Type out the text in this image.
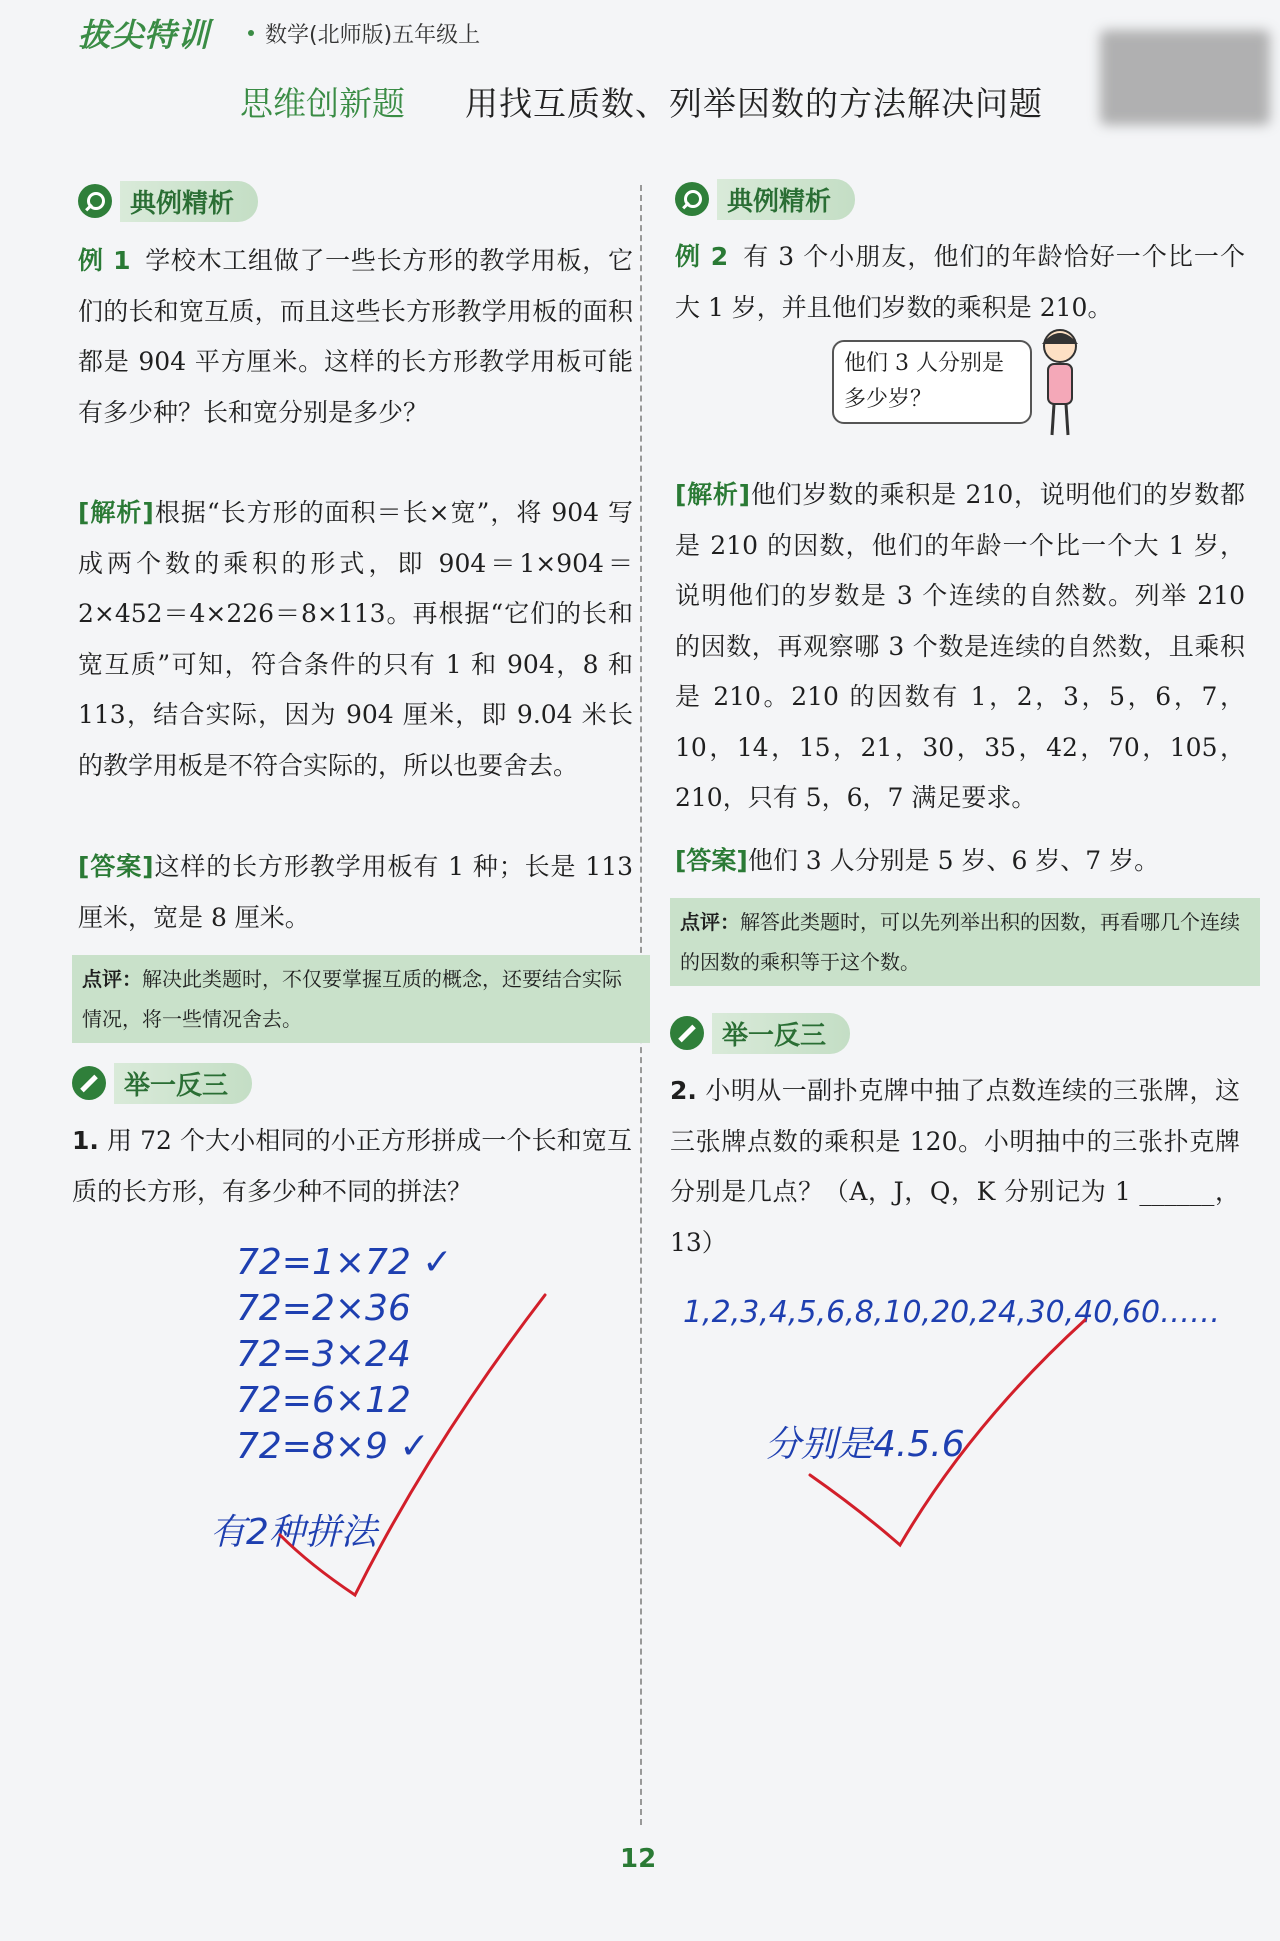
拔尖特训 数学(北师版)五年级上
思维创新题 用找互质数、列举因数的方法解决问题
典例精析
例 1 学校木工组做了一些长方形的教学用板，它们的长和宽互质，而且这些长方形教学用板的面积都是 904 平方厘米。这样的长方形教学用板可能有多少种？长和宽分别是多少？
[解析]根据“长方形的面积＝长×宽”，将 904 写成两个数的乘积的形式，即 904＝1×904＝2×452＝4×226＝8×113。再根据“它们的长和宽互质”可知，符合条件的只有 1 和 904，8 和 113，结合实际，因为 904 厘米，即 9.04 米长的教学用板是不符合实际的，所以也要舍去。
[答案]这样的长方形教学用板有 1 种；长是 113 厘米，宽是 8 厘米。
点评：解决此类题时，不仅要掌握互质的概念，还要结合实际情况，将一些情况舍去。
举一反三
1. 用 72 个大小相同的小正方形拼成一个长和宽互质的长方形，有多少种不同的拼法？
72=1×72 ✓
72=2×36
72=3×24
72=6×12
72=8×9 ✓
有2种拼法
典例精析
例 2 有 3 个小朋友，他们的年龄恰好一个比一个大 1 岁，并且他们岁数的乘积是 210。
他们 3 人分别是多少岁？
[解析]他们岁数的乘积是 210，说明他们的岁数都是 210 的因数，他们的年龄一个比一个大 1 岁，说明他们的岁数是 3 个连续的自然数。列举 210 的因数，再观察哪 3 个数是连续的自然数，且乘积是 210。210 的因数有 1，2，3，5，6，7，10，14，15，21，30，35，42，70，105，210，只有 5，6，7 满足要求。
[答案]他们 3 人分别是 5 岁、6 岁、7 岁。
点评：解答此类题时，可以先列举出积的因数，再看哪几个连续的因数的乘积等于这个数。
举一反三
2. 小明从一副扑克牌中抽了点数连续的三张牌，这三张牌点数的乘积是 120。小明抽中的三张扑克牌分别是几点？（A，J，Q，K 分别记为 1 ______，13）
1,2,3,4,5,6,8,10,20,24,30,40,60……
分别是4.5.6
12
